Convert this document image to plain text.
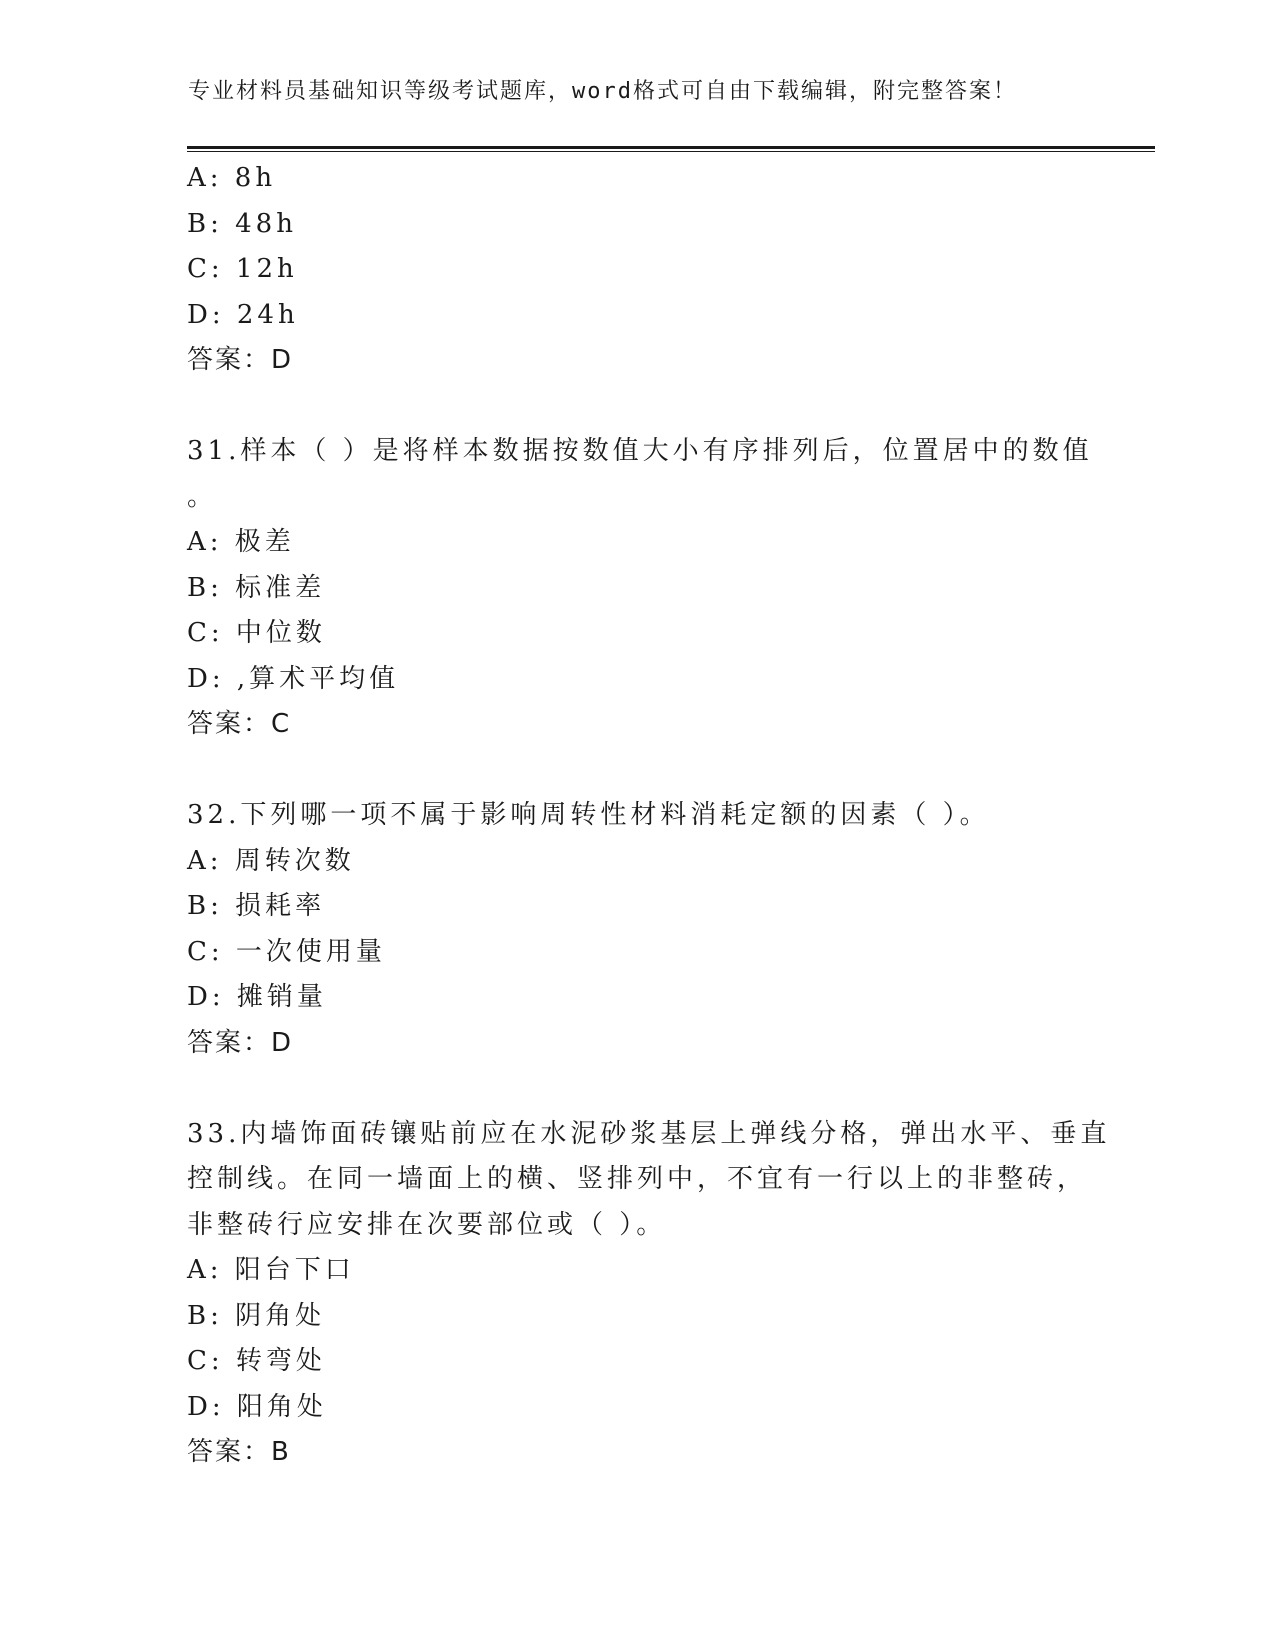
专业材料员基础知识等级考试题库，word格式可自由下载编辑，附完整答案！
A: 8h
B: 48h
C: 12h
D: 24h
答案：D
31.样本（ ）是将样本数据按数值大小有序排列后，位置居中的数值
。
A: 极差
B: 标准差
C: 中位数
D: ,算术平均值
答案：C
32.下列哪一项不属于影响周转性材料消耗定额的因素（ ）。
A: 周转次数
B: 损耗率
C: 一次使用量
D: 摊销量
答案：D
33.内墙饰面砖镶贴前应在水泥砂浆基层上弹线分格，弹出水平、垂直
控制线。在同一墙面上的横、竖排列中，不宜有一行以上的非整砖，
非整砖行应安排在次要部位或（ ）。
A: 阳台下口
B: 阴角处
C: 转弯处
D: 阳角处
答案：B
